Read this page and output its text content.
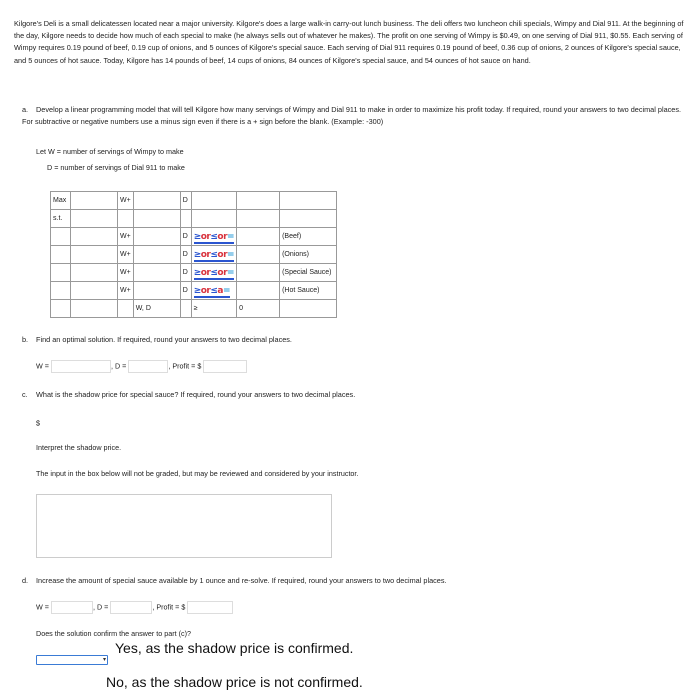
Kilgore's Deli is a small delicatessen located near a major university. Kilgore's does a large walk-in carry-out lunch business. The deli offers two luncheon chili specials, Wimpy and Dial 911. At the beginning of the day, Kilgore needs to decide how much of each special to make (he always sells out of whatever he makes). The profit on one serving of Wimpy is $0.49, on one serving of Dial 911, $0.55. Each serving of Wimpy requires 0.19 pound of beef, 0.19 cup of onions, and 5 ounces of Kilgore's special sauce. Each serving of Dial 911 requires 0.19 pound of beef, 0.36 cup of onions, 2 ounces of Kilgore's special sauce, and 5 ounces of hot sauce. Today, Kilgore has 14 pounds of beef, 14 cups of onions, 84 ounces of Kilgore's special sauce, and 54 ounces of hot sauce on hand.
a. Develop a linear programming model that will tell Kilgore how many servings of Wimpy and Dial 911 to make in order to maximize his profit today. If required, round your answers to two decimal places. For subtractive or negative numbers use a minus sign even if there is a + sign before the blank. (Example: -300)
Let W = number of servings of Wimpy to make
D = number of servings of Dial 911 to make
Max		W+		D			
s.t.							
		W+		D	≥or≤or=		(Beef)
		W+		D	≥or≤or=		(Onions)
		W+		D	≥or≤or=		(Special Sauce)
		W+		D	≥or≤a=		(Hot Sauce)
			W, D		≥	0	
b. Find an optimal solution. If required, round your answers to two decimal places.
W =	, D =	, Profit = $
c. What is the shadow price for special sauce? If required, round your answers to two decimal places.
$
Interpret the shadow price.
The input in the box below will not be graded, but may be reviewed and considered by your instructor.
d. Increase the amount of special sauce available by 1 ounce and re-solve. If required, round your answers to two decimal places.
W =	, D =	, Profit = $
Does the solution confirm the answer to part (c)?
▾
Yes, as the shadow price is confirmed.
No, as the shadow price is not confirmed.
